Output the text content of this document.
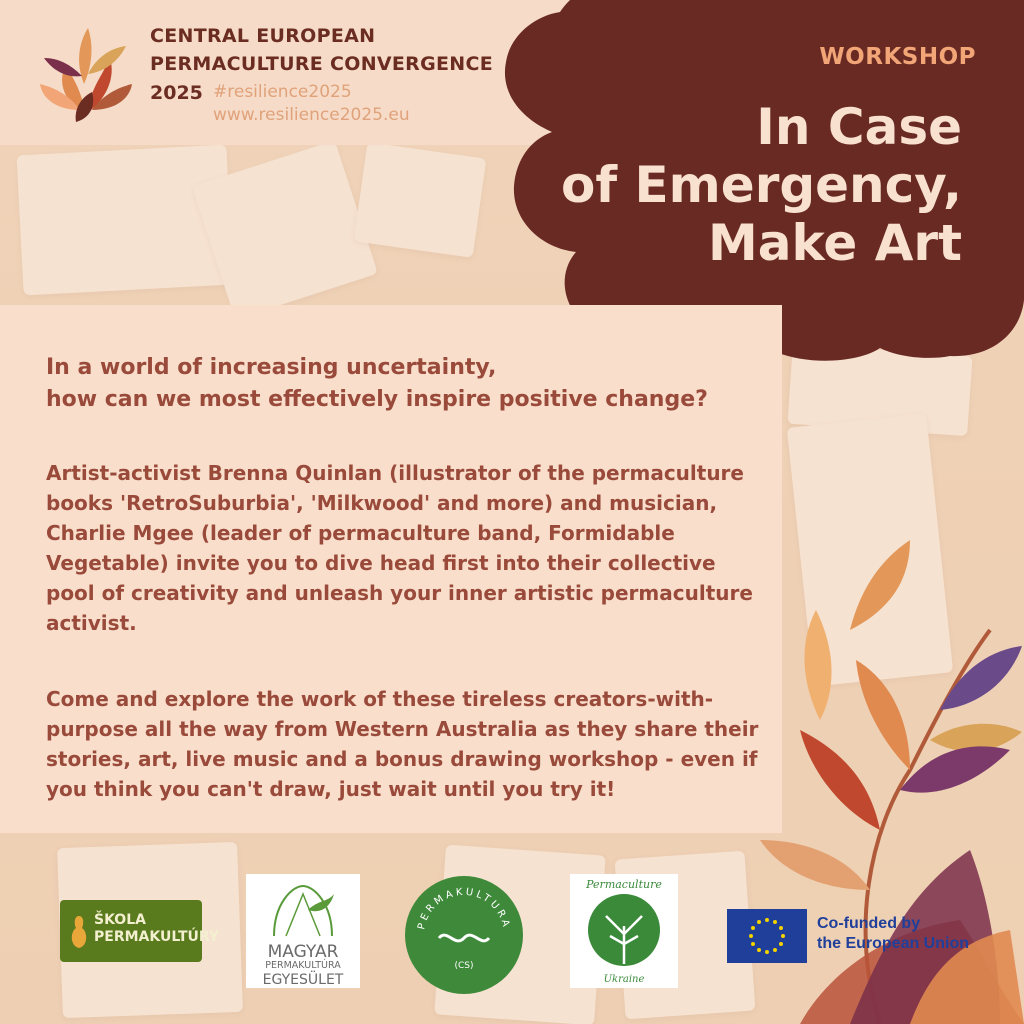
CENTRAL EUROPEAN
PERMACULTURE CONVERGENCE
2025 #resilience2025
www.resilience2025.eu
WORKSHOP
In Case
of Emergency,
Make Art
In a world of increasing uncertainty,
how can we most effectively inspire positive change?
Artist-activist Brenna Quinlan (illustrator of the permaculture books 'RetroSuburbia', 'Milkwood' and more) and musician, Charlie Mgee (leader of permaculture band, Formidable Vegetable) invite you to dive head first into their collective pool of creativity and unleash your inner artistic permaculture activist.
Come and explore the work of these tireless creators-with-purpose all the way from Western Australia as they share their stories, art, live music and a bonus drawing workshop - even if you think you can't draw, just wait until you try it!
ŠKOLA
PERMAKULTÚRY
MAGYAR
PERMAKULTÚRA
EGYESÜLET
PERMAKULTURA
(CS)
Permaculture
Ukraine
Co-funded by
the European Union
